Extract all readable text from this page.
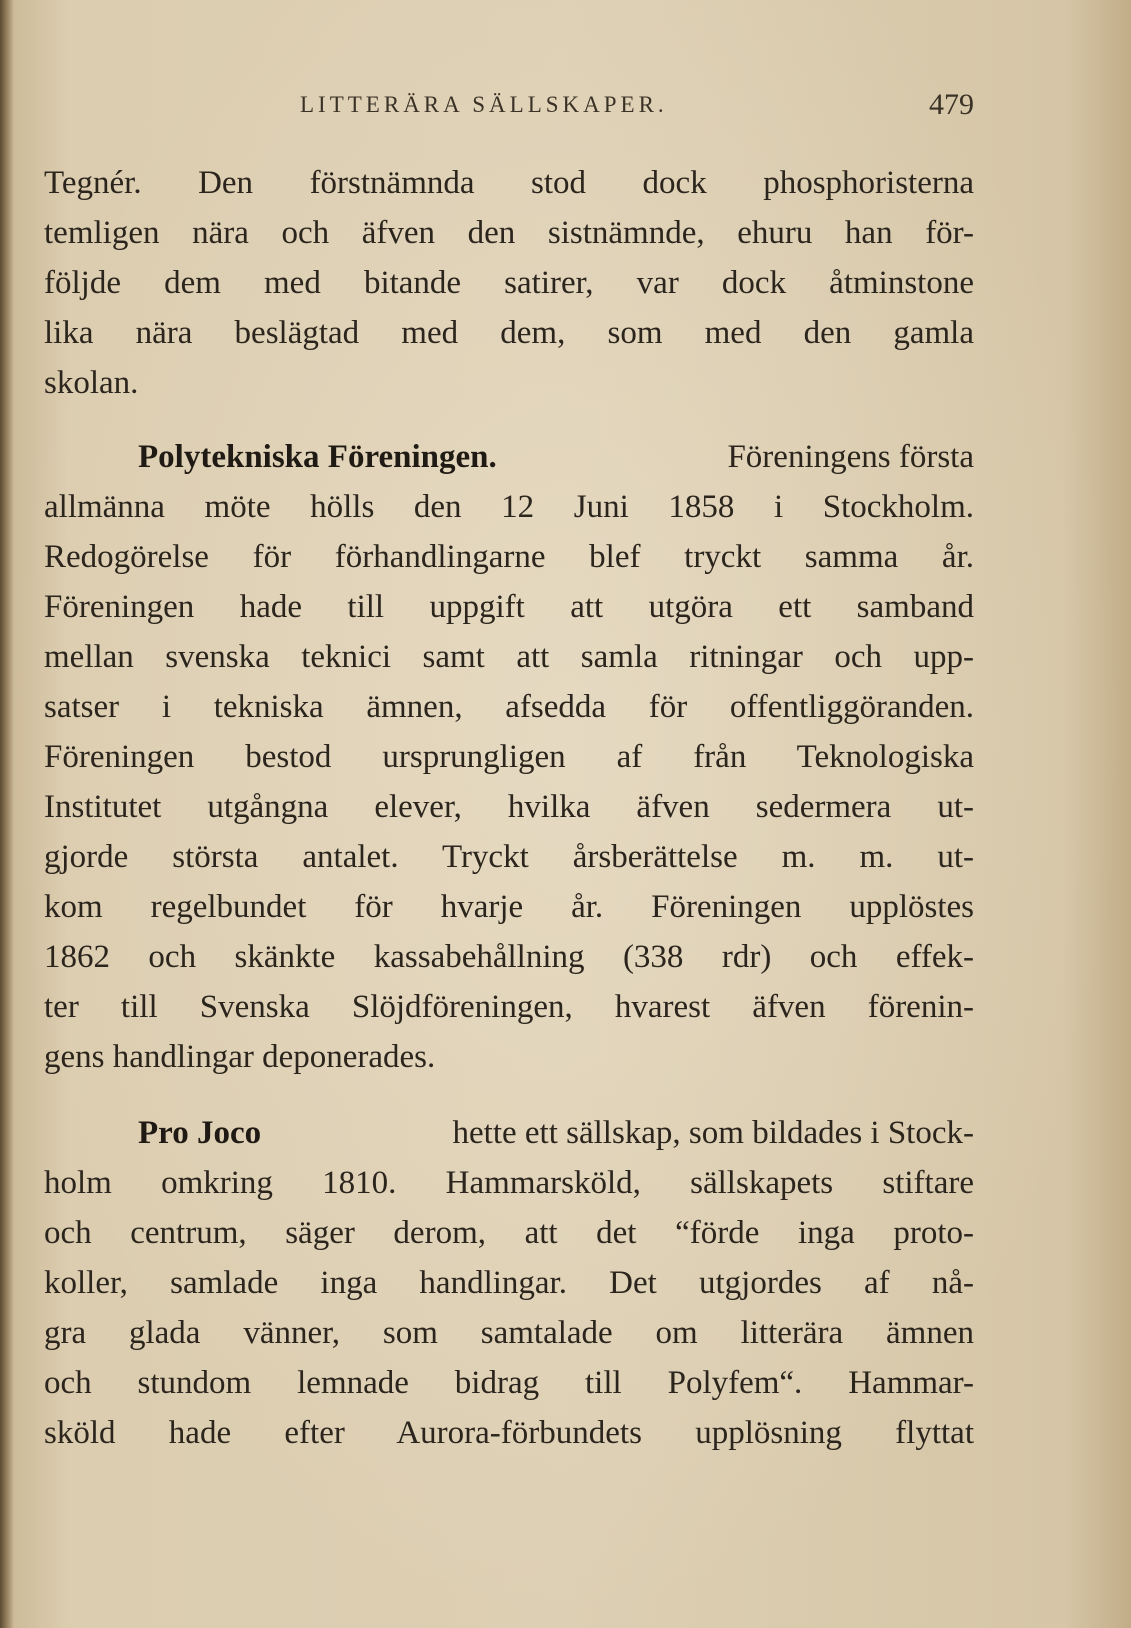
LITTERÄRA SÄLLSKAPER.	479
Tegnér. Den förstnämnda stod dock phosphoristerna
temligen nära och äfven den sistnämnde, ehuru han för-
följde dem med bitande satirer, var dock åtminstone
lika nära beslägtad med dem, som med den gamla
skolan.
Polytekniska Föreningen.	Föreningens första
allmänna möte hölls den 12 Juni 1858 i Stockholm.
Redogörelse för förhandlingarne blef tryckt samma år.
Föreningen hade till uppgift att utgöra ett samband
mellan svenska teknici samt att samla ritningar och upp-
satser i tekniska ämnen, afsedda för offentliggöranden.
Föreningen bestod ursprungligen af från Teknologiska
Institutet utgångna elever, hvilka äfven sedermera ut-
gjorde största antalet. Tryckt årsberättelse m. m. ut-
kom regelbundet för hvarje år. Föreningen upplöstes
1862 och skänkte kassabehållning (338 rdr) och effek-
ter till Svenska Slöjdföreningen, hvarest äfven förenin-
gens handlingar deponerades.
Pro Joco	hette ett sällskap, som bildades i Stock-
holm omkring 1810. Hammarsköld, sällskapets stiftare
och centrum, säger derom, att det “förde inga proto-
koller, samlade inga handlingar. Det utgjordes af nå-
gra glada vänner, som samtalade om litterära ämnen
och stundom lemnade bidrag till Polyfem“. Hammar-
sköld hade efter Aurora-förbundets upplösning flyttat
